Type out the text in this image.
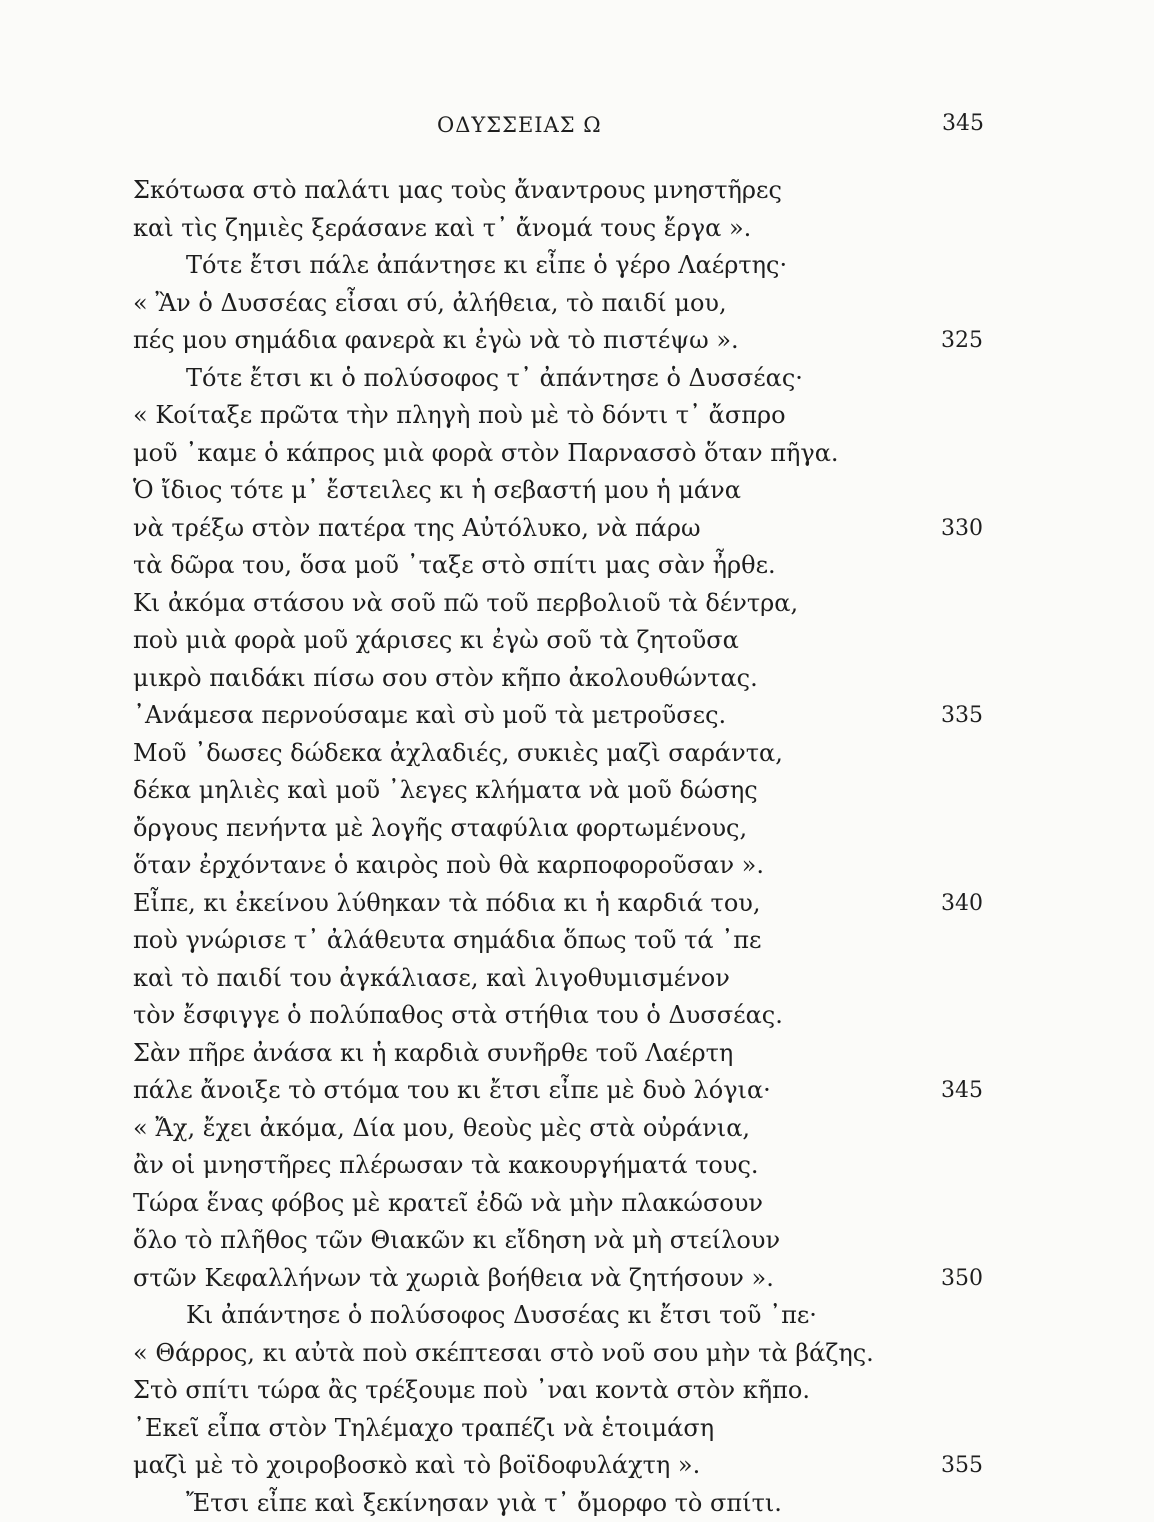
ΟΔΥΣΣΕΙΑΣ Ω	345
Σκότωσα στὸ παλάτι μας τοὺς ἄναντρους μνηστῆρες
καὶ τὶς ζημιὲς ξεράσανε καὶ τ᾿ ἄνομά τους ἔργα ».
Τότε ἔτσι πάλε ἀπάντησε κι εἶπε ὁ γέρο Λαέρτης·
« Ἂν ὁ Δυσσέας εἶσαι σύ, ἀλήθεια, τὸ παιδί μου,
πές μου σημάδια φανερὰ κι ἐγὼ νὰ τὸ πιστέψω ».	325
Τότε ἔτσι κι ὁ πολύσοφος τ᾿ ἀπάντησε ὁ Δυσσέας·
« Κοίταξε πρῶτα τὴν πληγὴ ποὺ μὲ τὸ δόντι τ᾿ ἄσπρο
μοῦ ᾿καμε ὁ κάπρος μιὰ φορὰ στὸν Παρνασσὸ ὅταν πῆγα.
Ὁ ἴδιος τότε μ᾿ ἔστειλες κι ἡ σεβαστή μου ἡ μάνα
νὰ τρέξω στὸν πατέρα της Αὐτόλυκο, νὰ πάρω	330
τὰ δῶρα του, ὅσα μοῦ ᾿ταξε στὸ σπίτι μας σὰν ἦρθε.
Κι ἀκόμα στάσου νὰ σοῦ πῶ τοῦ περβολιοῦ τὰ δέντρα,
ποὺ μιὰ φορὰ μοῦ χάρισες κι ἐγὼ σοῦ τὰ ζητοῦσα
μικρὸ παιδάκι πίσω σου στὸν κῆπο ἀκολουθώντας.
᾿Ανάμεσα περνούσαμε καὶ σὺ μοῦ τὰ μετροῦσες.	335
Μοῦ ᾿δωσες δώδεκα ἀχλαδιές, συκιὲς μαζὶ σαράντα,
δέκα μηλιὲς καὶ μοῦ ᾿λεγες κλήματα νὰ μοῦ δώσης
ὄργους πενήντα μὲ λογῆς σταφύλια φορτωμένους,
ὅταν ἐρχόντανε ὁ καιρὸς ποὺ θὰ καρποφοροῦσαν ».
Εἶπε, κι ἐκείνου λύθηκαν τὰ πόδια κι ἡ καρδιά του,	340
ποὺ γνώρισε τ᾿ ἀλάθευτα σημάδια ὅπως τοῦ τά ᾿πε
καὶ τὸ παιδί του ἀγκάλιασε, καὶ λιγοθυμισμένον
τὸν ἔσφιγγε ὁ πολύπαθος στὰ στήθια του ὁ Δυσσέας.
Σὰν πῆρε ἀνάσα κι ἡ καρδιὰ συνῆρθε τοῦ Λαέρτη
πάλε ἄνοιξε τὸ στόμα του κι ἔτσι εἶπε μὲ δυὸ λόγια·	345
« Ἄχ, ἔχει ἀκόμα, Δία μου, θεοὺς μὲς στὰ οὐράνια,
ἂν οἱ μνηστῆρες πλέρωσαν τὰ κακουργήματά τους.
Τώρα ἕνας φόβος μὲ κρατεῖ ἐδῶ νὰ μὴν πλακώσουν
ὅλο τὸ πλῆθος τῶν Θιακῶν κι εἴδηση νὰ μὴ στείλουν
στῶν Κεφαλλήνων τὰ χωριὰ βοήθεια νὰ ζητήσουν ».	350
Κι ἀπάντησε ὁ πολύσοφος Δυσσέας κι ἔτσι τοῦ ᾿πε·
« Θάρρος, κι αὐτὰ ποὺ σκέπτεσαι στὸ νοῦ σου μὴν τὰ βάζης.
Στὸ σπίτι τώρα ἂς τρέξουμε ποὺ ᾿ναι κοντὰ στὸν κῆπο.
᾿Εκεῖ εἶπα στὸν Τηλέμαχο τραπέζι νὰ ἑτοιμάση
μαζὶ μὲ τὸ χοιροβοσκὸ καὶ τὸ βοϊδοφυλάχτη ».	355
Ἔτσι εἶπε καὶ ξεκίνησαν γιὰ τ᾿ ὄμορφο τὸ σπίτι.
